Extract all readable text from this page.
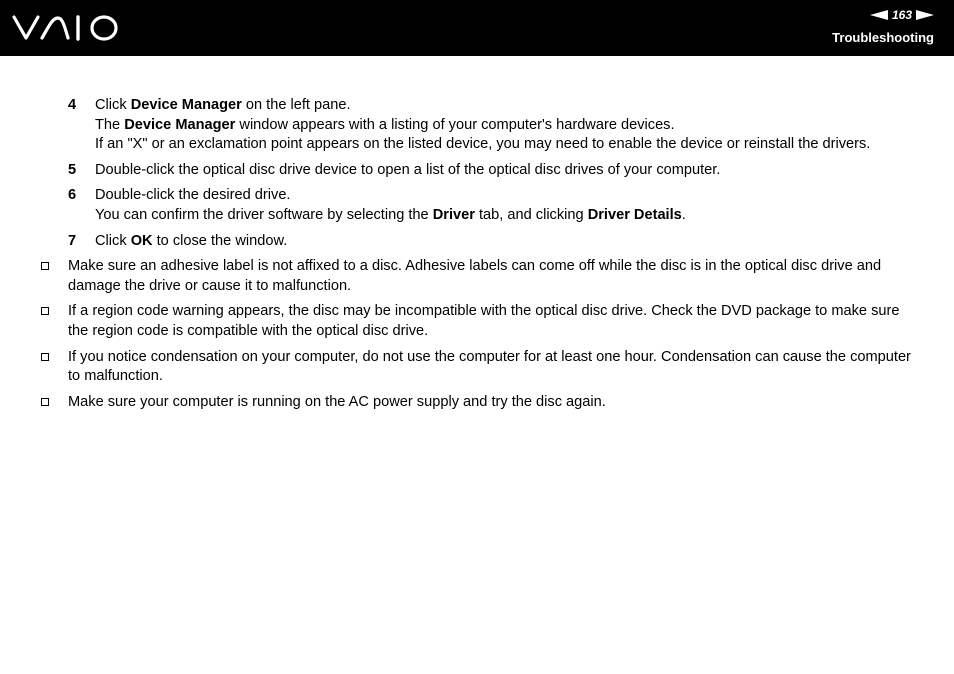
163
Troubleshooting
4 Click Device Manager on the left pane.
The Device Manager window appears with a listing of your computer's hardware devices.
If an "X" or an exclamation point appears on the listed device, you may need to enable the device or reinstall the drivers.
5 Double-click the optical disc drive device to open a list of the optical disc drives of your computer.
6 Double-click the desired drive.
You can confirm the driver software by selecting the Driver tab, and clicking Driver Details.
7 Click OK to close the window.
Make sure an adhesive label is not affixed to a disc. Adhesive labels can come off while the disc is in the optical disc drive and damage the drive or cause it to malfunction.
If a region code warning appears, the disc may be incompatible with the optical disc drive. Check the DVD package to make sure the region code is compatible with the optical disc drive.
If you notice condensation on your computer, do not use the computer for at least one hour. Condensation can cause the computer to malfunction.
Make sure your computer is running on the AC power supply and try the disc again.
